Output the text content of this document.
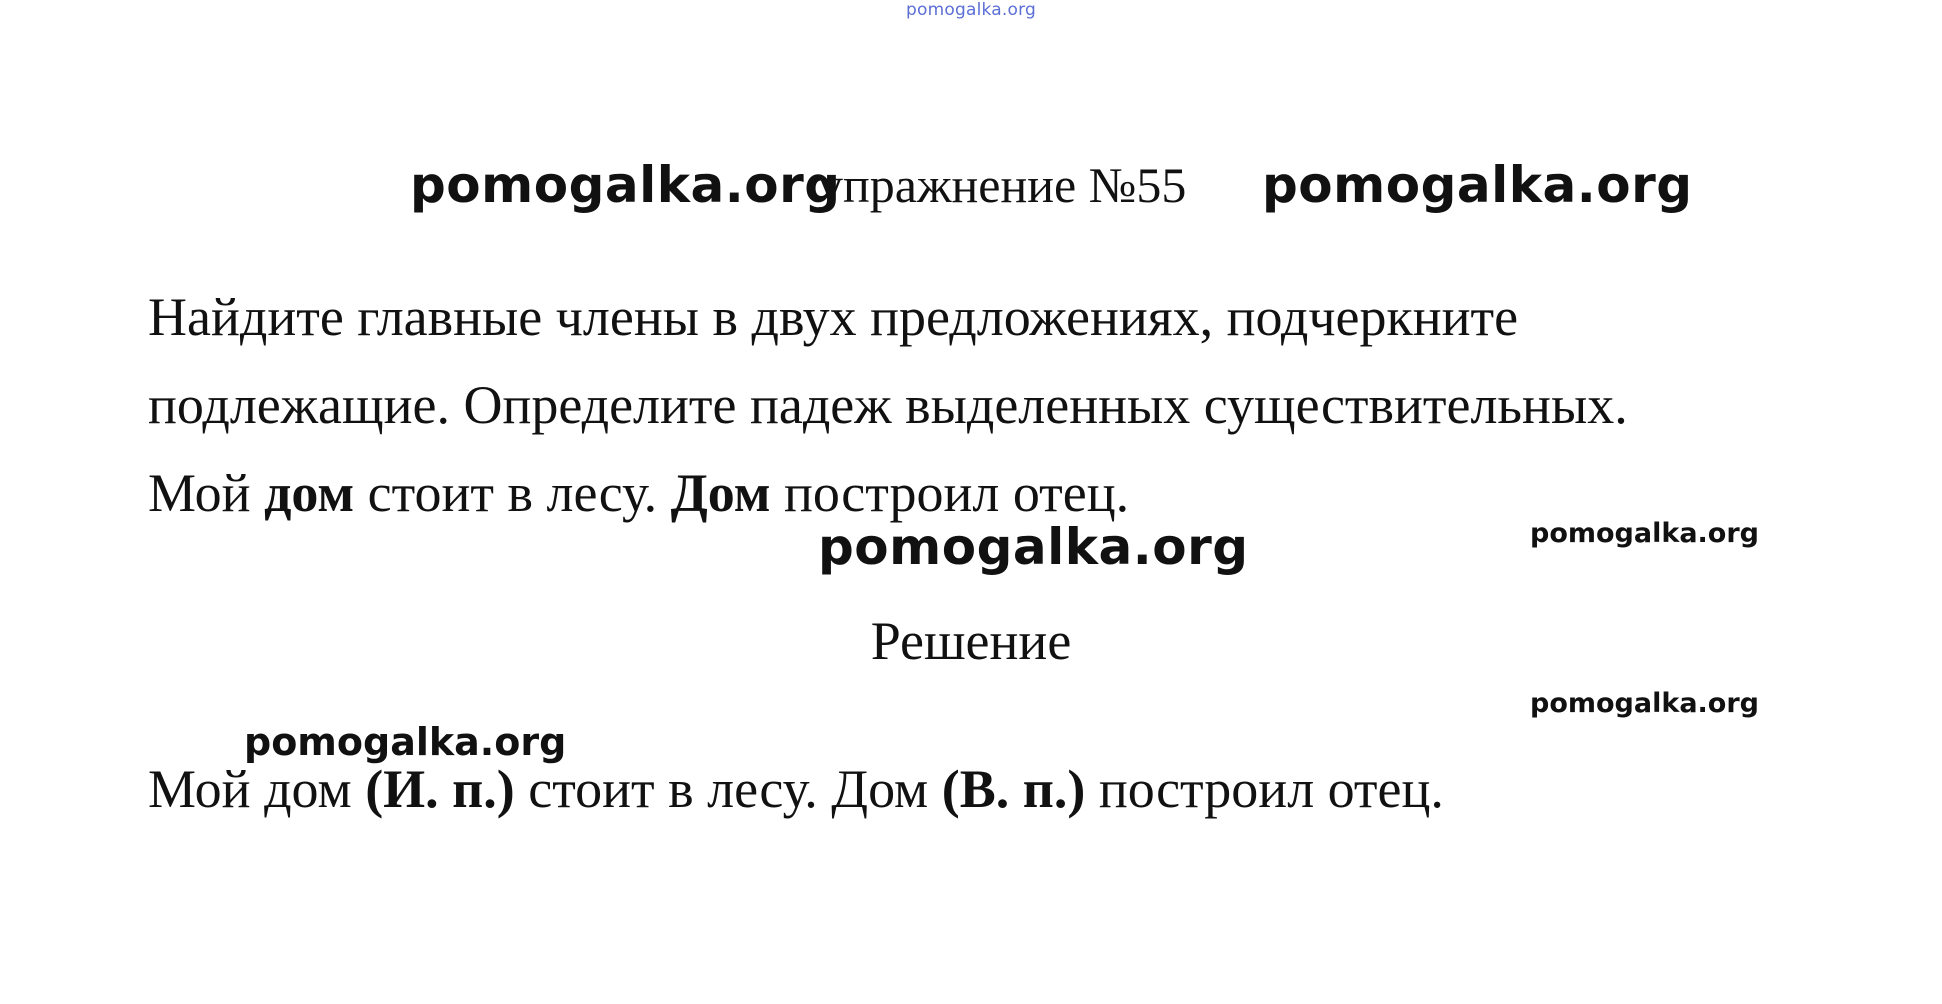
pomogalka.org
pomogalka.org
упражнение №55 pomogalka.org
Найдите главные члены в двух предложениях, подчеркните
подлежащие. Определите падеж выделенных существительных.
Мой дом стоит в лесу. Дом построил отец.
pomogalka.org	pomogalka.org
Решение
pomogalka.org
pomogalka.org
Мой дом (И. п.) стоит в лесу. Дом (В. п.) построил отец.
